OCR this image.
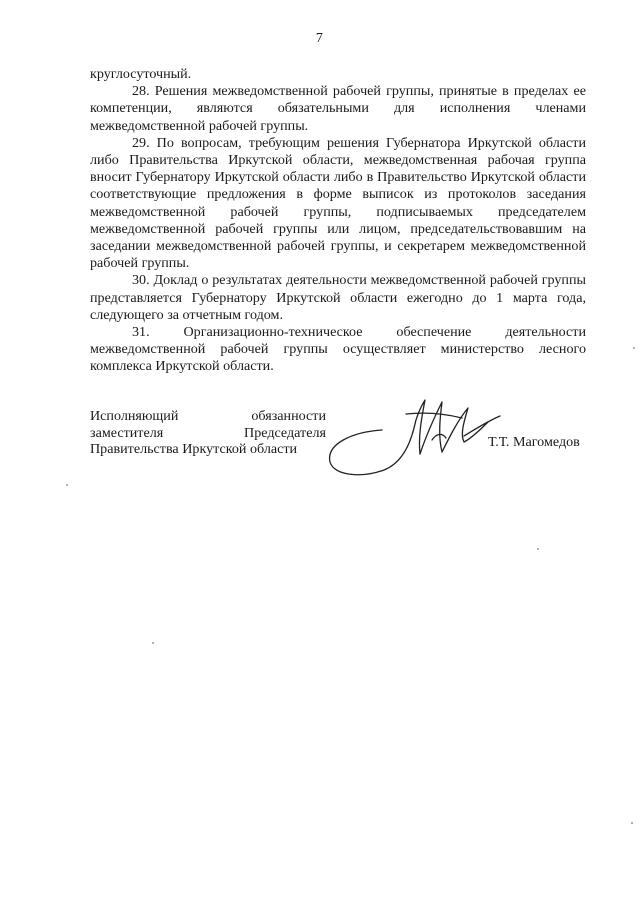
7

круглосуточный.

28. Решения межведомственной рабочей группы, принятые в пределах ее компетенции, являются обязательными для исполнения членами межведомственной рабочей группы.

29. По вопросам, требующим решения Губернатора Иркутской области либо Правительства Иркутской области, межведомственная рабочая группа вносит Губернатору Иркутской области либо в Правительство Иркутской области соответствующие предложения в форме выписок из протоколов заседания межведомственной рабочей группы, подписываемых председателем межведомственной рабочей группы или лицом, председательствовавшим на заседании межведомственной рабочей группы, и секретарем межведомственной рабочей группы.

30. Доклад о результатах деятельности межведомственной рабочей группы представляется Губернатору Иркутской области ежегодно до 1 марта года, следующего за отчетным годом.

31. Организационно-техническое обеспечение деятельности

межведомственной рабочей группы осуществляет министерство лесного

комплекса Иркутской области.

Исполняющий	обязанности
заместителя	Председателя
Правительства Иркутской области	Т.Т. Магомедов
